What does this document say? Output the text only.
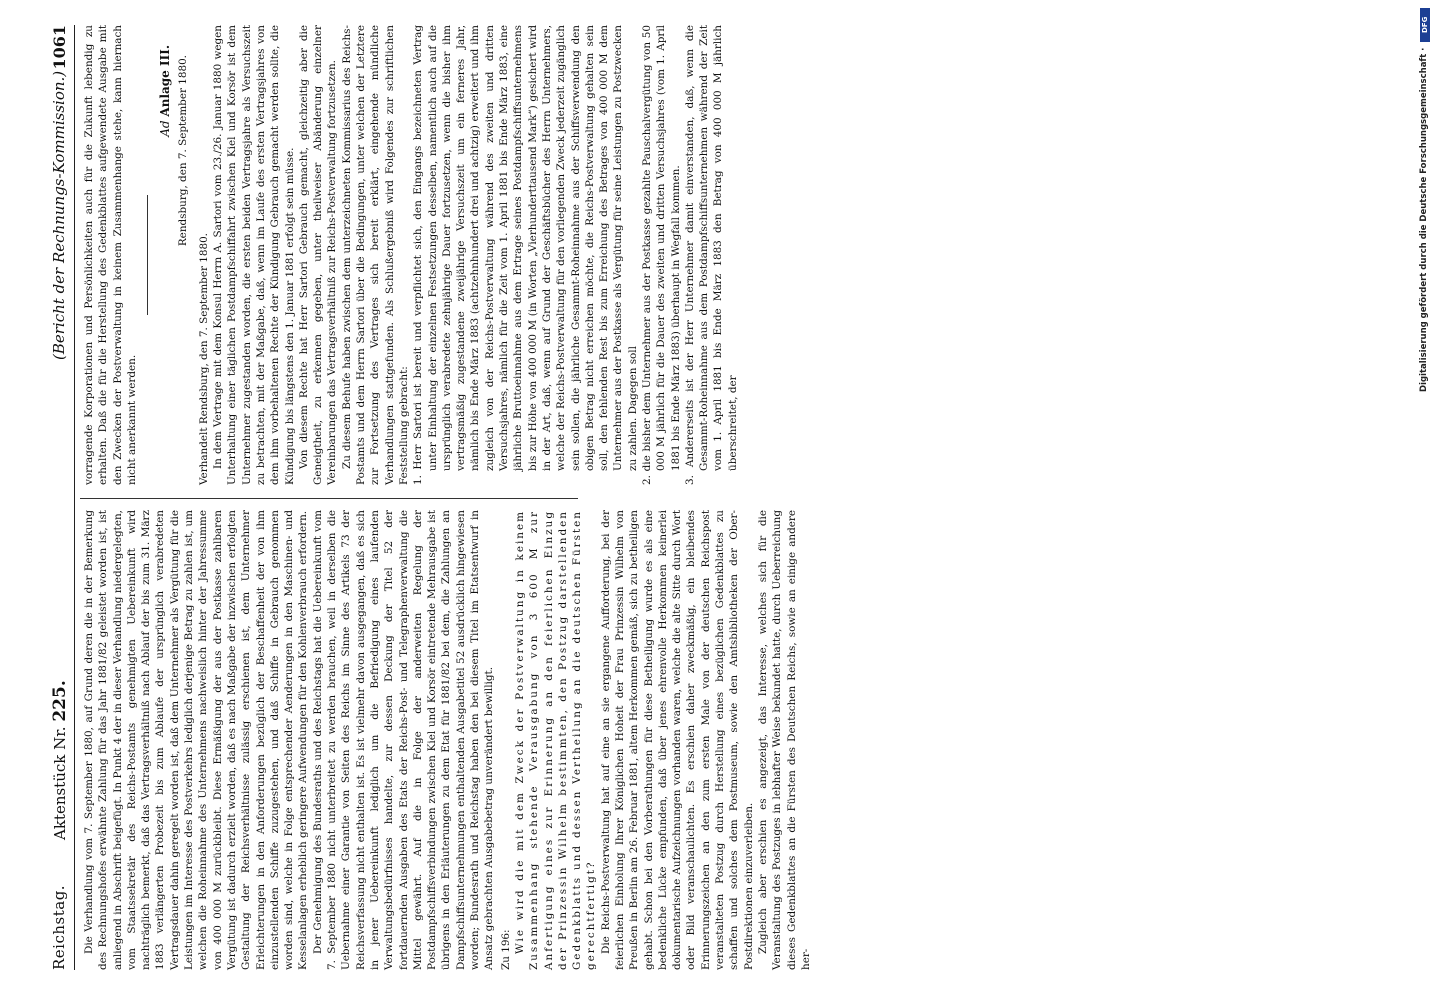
Reichstag.
Aktenstück Nr. 225.
(Bericht der Rechnungs-Kommission.)
1061

Die Verhandlung vom 7. September 1880, auf Grund deren die in der Bemerkung des Rechnungshofes erwähnte Zahlung für das Jahr 1881/82 geleistet worden ist, ist anliegend in Abschrift beigefügt. In Punkt 4 der in dieser Verhandlung niedergelegten, vom Staatssekretär des Reichs-Postamts genehmigten Uebereinkunft wird nachträglich bemerkt, daß das Vertragsverhältniß nach Ablauf der bis zum 31. März 1883 verlängerten Probezeit bis zum Ablaufe der ursprünglich verabredeten Vertragsdauer dahin geregelt worden ist, daß dem Unternehmer als Vergütung für die Leistungen im Interesse des Postverkehrs lediglich derjenige Betrag zu zahlen ist, um welchen die Roheinnahme des Unternehmens nachweislich hinter der Jahressumme von 400 000 M zurückbleibt. Diese Ermäßigung der aus der Postkasse zahlbaren Vergütung ist dadurch erzielt worden, daß es nach Maßgabe der inzwischen erfolgten Gestaltung der Reichsverhältnisse zulässig erschienen ist, dem Unternehmer Erleichterungen in den Anforderungen bezüglich der Beschaffenheit der von ihm einzustellenden Schiffe zuzugestehen, und daß Schiffe in Gebrauch genommen worden sind, welche in Folge entsprechender Aenderungen in den Maschinen- und Kesselanlagen erheblich geringere Aufwendungen für den Kohlenverbrauch erfordern. Der Genehmigung des Bundesraths und des Reichstags hat die Uebereinkunft vom 7. September 1880 nicht unterbreitet zu werden brauchen, weil in derselben die Uebernahme einer Garantie von Seiten des Reichs im Sinne des Artikels 73 der Reichsverfassung nicht enthalten ist. Es ist vielmehr davon ausgegangen, daß es sich in jener Uebereinkunft lediglich um die Befriedigung eines laufenden Verwaltungsbedürfnisses handelte, zur dessen Deckung der Titel 52 der fortdauernden Ausgaben des Etats der Reichs-Post- und Telegraphenverwaltung die Mittel gewährt. Auf die in Folge der anderweiten Regelung der Postdampfschiffsverbindungen zwischen Kiel und Korsör eintretende Mehrausgabe ist übrigens in den Erläuterungen zu dem Etat für 1881/82 bei dem, die Zahlungen an Dampfschiffsunternehmungen enthaltenden Ausgabetitel 52 ausdrücklich hingewiesen worden; Bundesrath und Reichstag haben den bei diesem Titel im Etatsentwurf in Ansatz gebrachten Ausgabebetrag unverändert bewilligt. Zu 196: Wie wird die mit dem Zweck der Postverwaltung in keinem Zusammenhang stehende Verausgabung von 3 600 M zur Anfertigung eines zur Erinnerung an den feierlichen Einzug der Prinzessin Wilhelm bestimmten, den Postzug darstellenden Gedenkblatts und dessen Vertheilung an die deutschen Fürsten gerechtfertigt? Die Reichs-Postverwaltung hat auf eine an sie ergangene Aufforderung, bei der feierlichen Einholung Ihrer Königlichen Hoheit der Frau Prinzessin Wilhelm von Preußen in Berlin am 26. Februar 1881, altem Herkommen gemäß, sich zu betheiligen gehabt. Schon bei den Vorberathungen für diese Betheiligung wurde es als eine bedenkliche Lücke empfunden, daß über jenes ehrenvolle Herkommen keinerlei dokumentarische Aufzeichnungen vorhanden waren, welche die alte Sitte durch Wort oder Bild veranschaulichten. Es erschien daher zweckmäßig, ein bleibendes Erinnerungszeichen an den zum ersten Male von der deutschen Reichspost veranstalteten Postzug durch Herstellung eines bezüglichen Gedenkblattes zu schaffen und solches dem Postmuseum, sowie den Amtsbibliotheken der Ober-Postdirektionen einzuverleiben. Zugleich aber erschien es angezeigt, das Interesse, welches sich für die Veranstaltung des Postzuges in lebhafter Weise bekundet hatte, durch Ueberreichung dieses Gedenkblattes an die Fürsten des Deutschen Reichs, sowie an einige andere her-

vorragende Korporationen und Persönlichkeiten auch für die Zukunft lebendig zu erhalten. Daß die für die Herstellung des Gedenkblattes aufgewendete Ausgabe mit den Zwecken der Postverwaltung in keinem Zusammenhange stehe, kann hiernach nicht anerkannt werden.

Ad Anlage III. Rendsburg, den 7. September 1880.

Verhandelt Rendsburg, den 7. September 1880. In dem Vertrage mit dem Konsul Herrn A. Sartori vom 23./26. Januar 1880 wegen Unterhaltung einer täglichen Postdampfschiffahrt zwischen Kiel und Korsör ist dem Unternehmer zugestanden worden, die ersten beiden Vertragsjahre als Versuchszeit zu betrachten, mit der Maßgabe, daß, wenn im Laufe des ersten Vertragsjahres von dem ihm vorbehaltenen Rechte der Kündigung Gebrauch gemacht werden sollte, die Kündigung bis längstens den 1. Januar 1881 erfolgt sein müsse. Von diesem Rechte hat Herr Sartori Gebrauch gemacht, gleichzeitig aber die Geneigtheit, zu erkennen gegeben, unter theilweiser Abänderung einzelner Vereinbarungen das Vertragsverhältniß zur Reichs-Postverwaltung fortzusetzen. Zu diesem Behufe haben zwischen dem unterzeichneten Kommissarius des Reichs-Postamts und dem Herrn Sartori über die Bedingungen, unter welchen der Letztere zur Fortsetzung des Vertrages sich bereit erklärt, eingehende mündliche Verhandlungen stattgefunden. Als Schlußergebniß wird Folgendes zur schriftlichen Feststellung gebracht: 1. Herr Sartori ist bereit und verpflichtet sich, den Eingangs bezeichneten Vertrag unter Einhaltung der einzelnen Festsetzungen desselben, namentlich auch auf die ursprünglich verabredete zehnjährige Dauer fortzusetzen, wenn die bisher ihm vertragsmäßig zugestandene zweijährige Versuchszeit um ein ferneres Jahr, nämlich bis Ende März 1883 (achtzehnhundert drei und achtzig) erweitert und ihm zugleich von der Reichs-Postverwaltung während des zweiten und dritten Versuchsjahres, nämlich für die Zeit vom 1. April 1881 bis Ende März 1883, eine jährliche Bruttoeinnahme aus dem Ertrage seines Postdampfschiffsunternehmens bis zur Höhe von 400 000 M (in Worten „Vierhunderttausend Mark“) gesichert wird in der Art, daß, wenn auf Grund der Geschäftsbücher des Herrn Unternehmers, welche der Reichs-Postverwaltung für den vorliegenden Zweck jederzeit zugänglich sein sollen, die jährliche Gesammt-Roheinnahme aus der Schiffsverwendung den obigen Betrag nicht erreichen möchte, die Reichs-Postverwaltung gehalten sein soll, den fehlenden Rest bis zum Erreichung des Betrages von 400 000 M dem Unternehmer aus der Postkasse als Vergütung für seine Leistungen zu Postzwecken zu zahlen. Dagegen soll 2. die bisher dem Unternehmer aus der Postkasse gezahlte Pauschalvergütung von 50 000 M jährlich für die Dauer des zweiten und dritten Versuchsjahres (vom 1. April 1881 bis Ende März 1883) überhaupt in Wegfall kommen. 3. Andererseits ist der Herr Unternehmer damit einverstanden, daß, wenn die Gesammt-Roheinnahme aus dem Postdampfschiffsunternehmen während der Zeit vom 1. April 1881 bis Ende März 1883 den Betrag von 400 000 M jährlich überschreitet, der

DFG
Digitalisierung gefördert durch die Deutsche Forschungsgemeinschaft ·
